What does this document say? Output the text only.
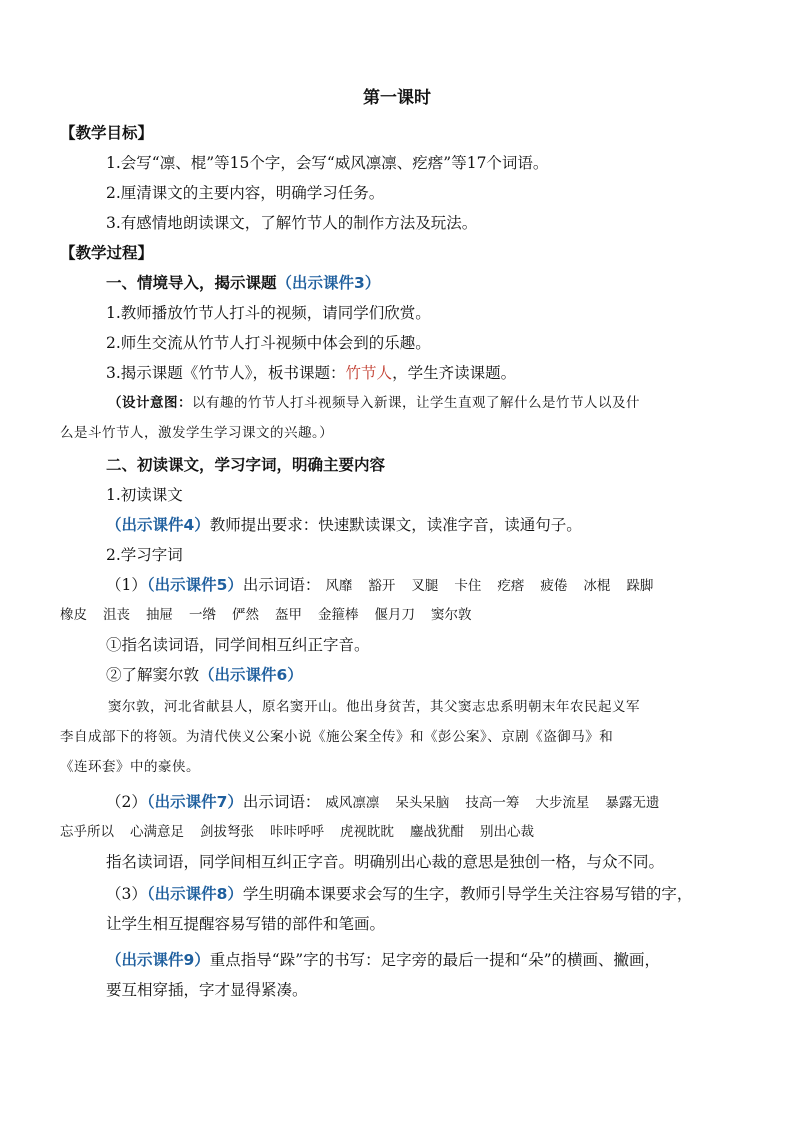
第一课时
【教学目标】
1.会写“凛、棍”等15个字，会写“威风凛凛、疙瘩”等17个词语。
2.厘清课文的主要内容，明确学习任务。
3.有感情地朗读课文，了解竹节人的制作方法及玩法。
【教学过程】
一、情境导入，揭示课题（出示课件3）
1.教师播放竹节人打斗的视频，请同学们欣赏。
2.师生交流从竹节人打斗视频中体会到的乐趣。
3.揭示课题《竹节人》，板书课题：竹节人，学生齐读课题。
（设计意图：以有趣的竹节人打斗视频导入新课，让学生直观了解什么是竹节人以及什
么是斗竹节人，激发学生学习课文的兴趣。）
二、初读课文，学习字词，明确主要内容
1.初读课文
（出示课件4）教师提出要求：快速默读课文，读准字音，读通句子。
2.学习字词
（1）（出示课件5）出示词语： 风靡 豁开 叉腿 卡住 疙瘩 疲倦 冰棍 跺脚
橡皮 沮丧 抽屉 一绺 俨然 盔甲 金箍棒 偃月刀 窦尔敦
①指名读词语，同学间相互纠正字音。
②了解窦尔敦（出示课件6）
窦尔敦，河北省献县人，原名窦开山。他出身贫苦，其父窦志忠系明朝末年农民起义军
李自成部下的将领。为清代侠义公案小说《施公案全传》和《彭公案》、京剧《盗御马》和
《连环套》中的豪侠。
（2）（出示课件7）出示词语： 威风凛凛 呆头呆脑 技高一筹 大步流星 暴露无遗
忘乎所以 心满意足 剑拔弩张 咔咔呼呼 虎视眈眈 鏖战犹酣 别出心裁
指名读词语，同学间相互纠正字音。明确别出心裁的意思是独创一格，与众不同。
（3）（出示课件8）学生明确本课要求会写的生字，教师引导学生关注容易写错的字，
让学生相互提醒容易写错的部件和笔画。
（出示课件9）重点指导“跺”字的书写：足字旁的最后一提和“朵”的横画、撇画，
要互相穿插，字才显得紧凑。
